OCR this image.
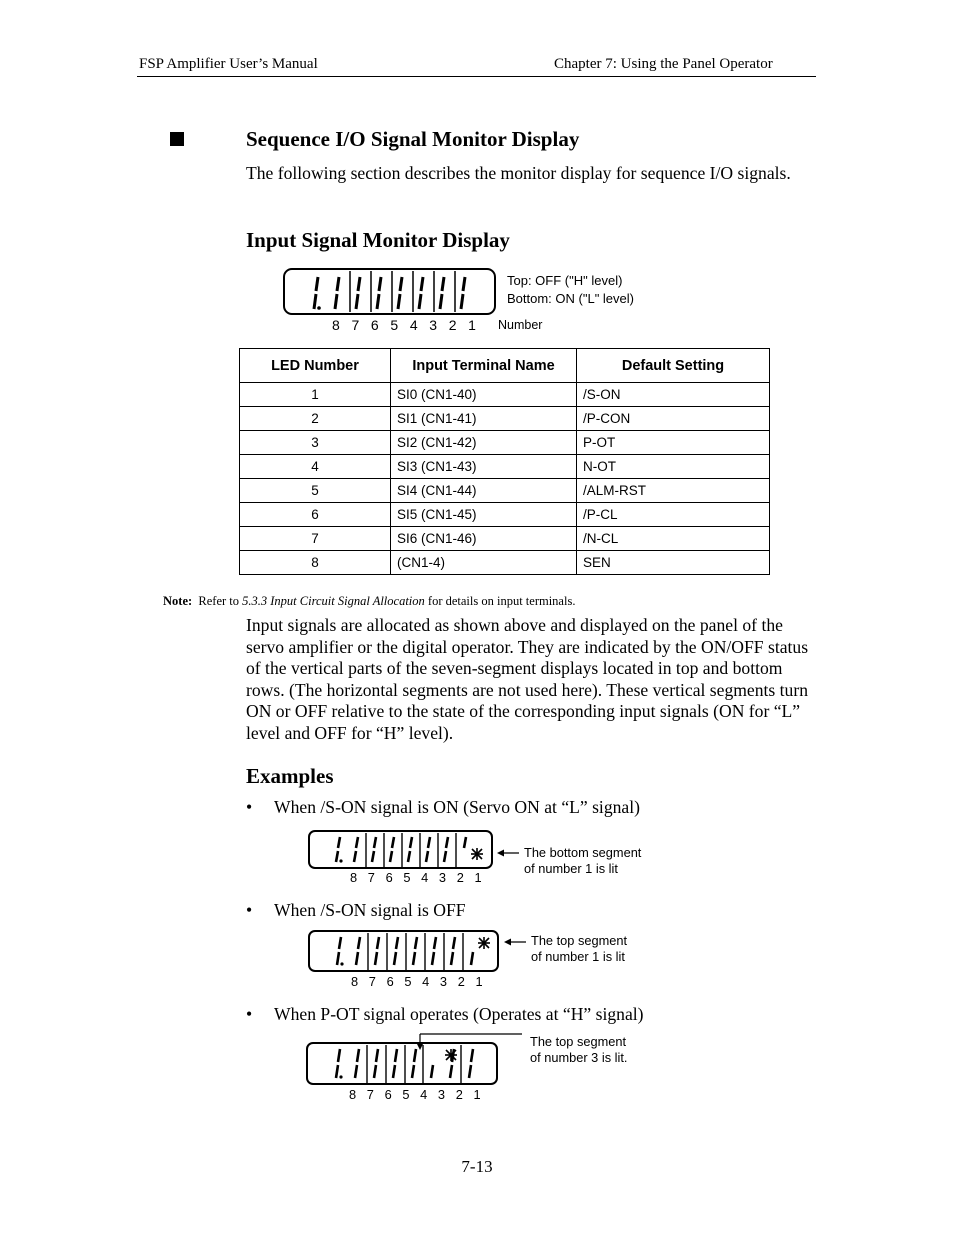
FSP Amplifier User’s Manual	Chapter 7: Using the Panel Operator
Sequence I/O Signal Monitor Display
The following section describes the monitor display for sequence I/O signals.
Input Signal Monitor Display
Top: OFF ("H" level)
Bottom: ON ("L" level)
8   7   6   5   4   3   2   1 Number
LED Number	Input Terminal Name	Default Setting
1	SI0 (CN1-40)	/S-ON
2	SI1 (CN1-41)	/P-CON
3	SI2 (CN1-42)	P-OT
4	SI3 (CN1-43)	N-OT
5	SI4 (CN1-44)	/ALM-RST
6	SI5 (CN1-45)	/P-CL
7	SI6 (CN1-46)	/N-CL
8	(CN1-4)	SEN
Note: Refer to 5.3.3 Input Circuit Signal Allocation for details on input terminals.
Input signals are allocated as shown above and displayed on the panel of the servo amplifier or the digital operator. They are indicated by the ON/OFF status of the vertical parts of the seven-segment displays located in top and bottom rows. (The horizontal segments are not used here). These vertical segments turn ON or OFF relative to the state of the corresponding input signals (ON for “L” level and OFF for “H” level).
Examples
• When /S-ON signal is ON (Servo ON at “L” signal)
The bottom segment
of number 1 is lit
8   7   6   5   4   3   2   1
• When /S-ON signal is OFF
The top segment
of number 1 is lit
8   7   6   5   4   3   2   1
• When P-OT signal operates (Operates at “H” signal)
The top segment
of number 3 is lit.
8   7   6   5   4   3   2   1
7-13
